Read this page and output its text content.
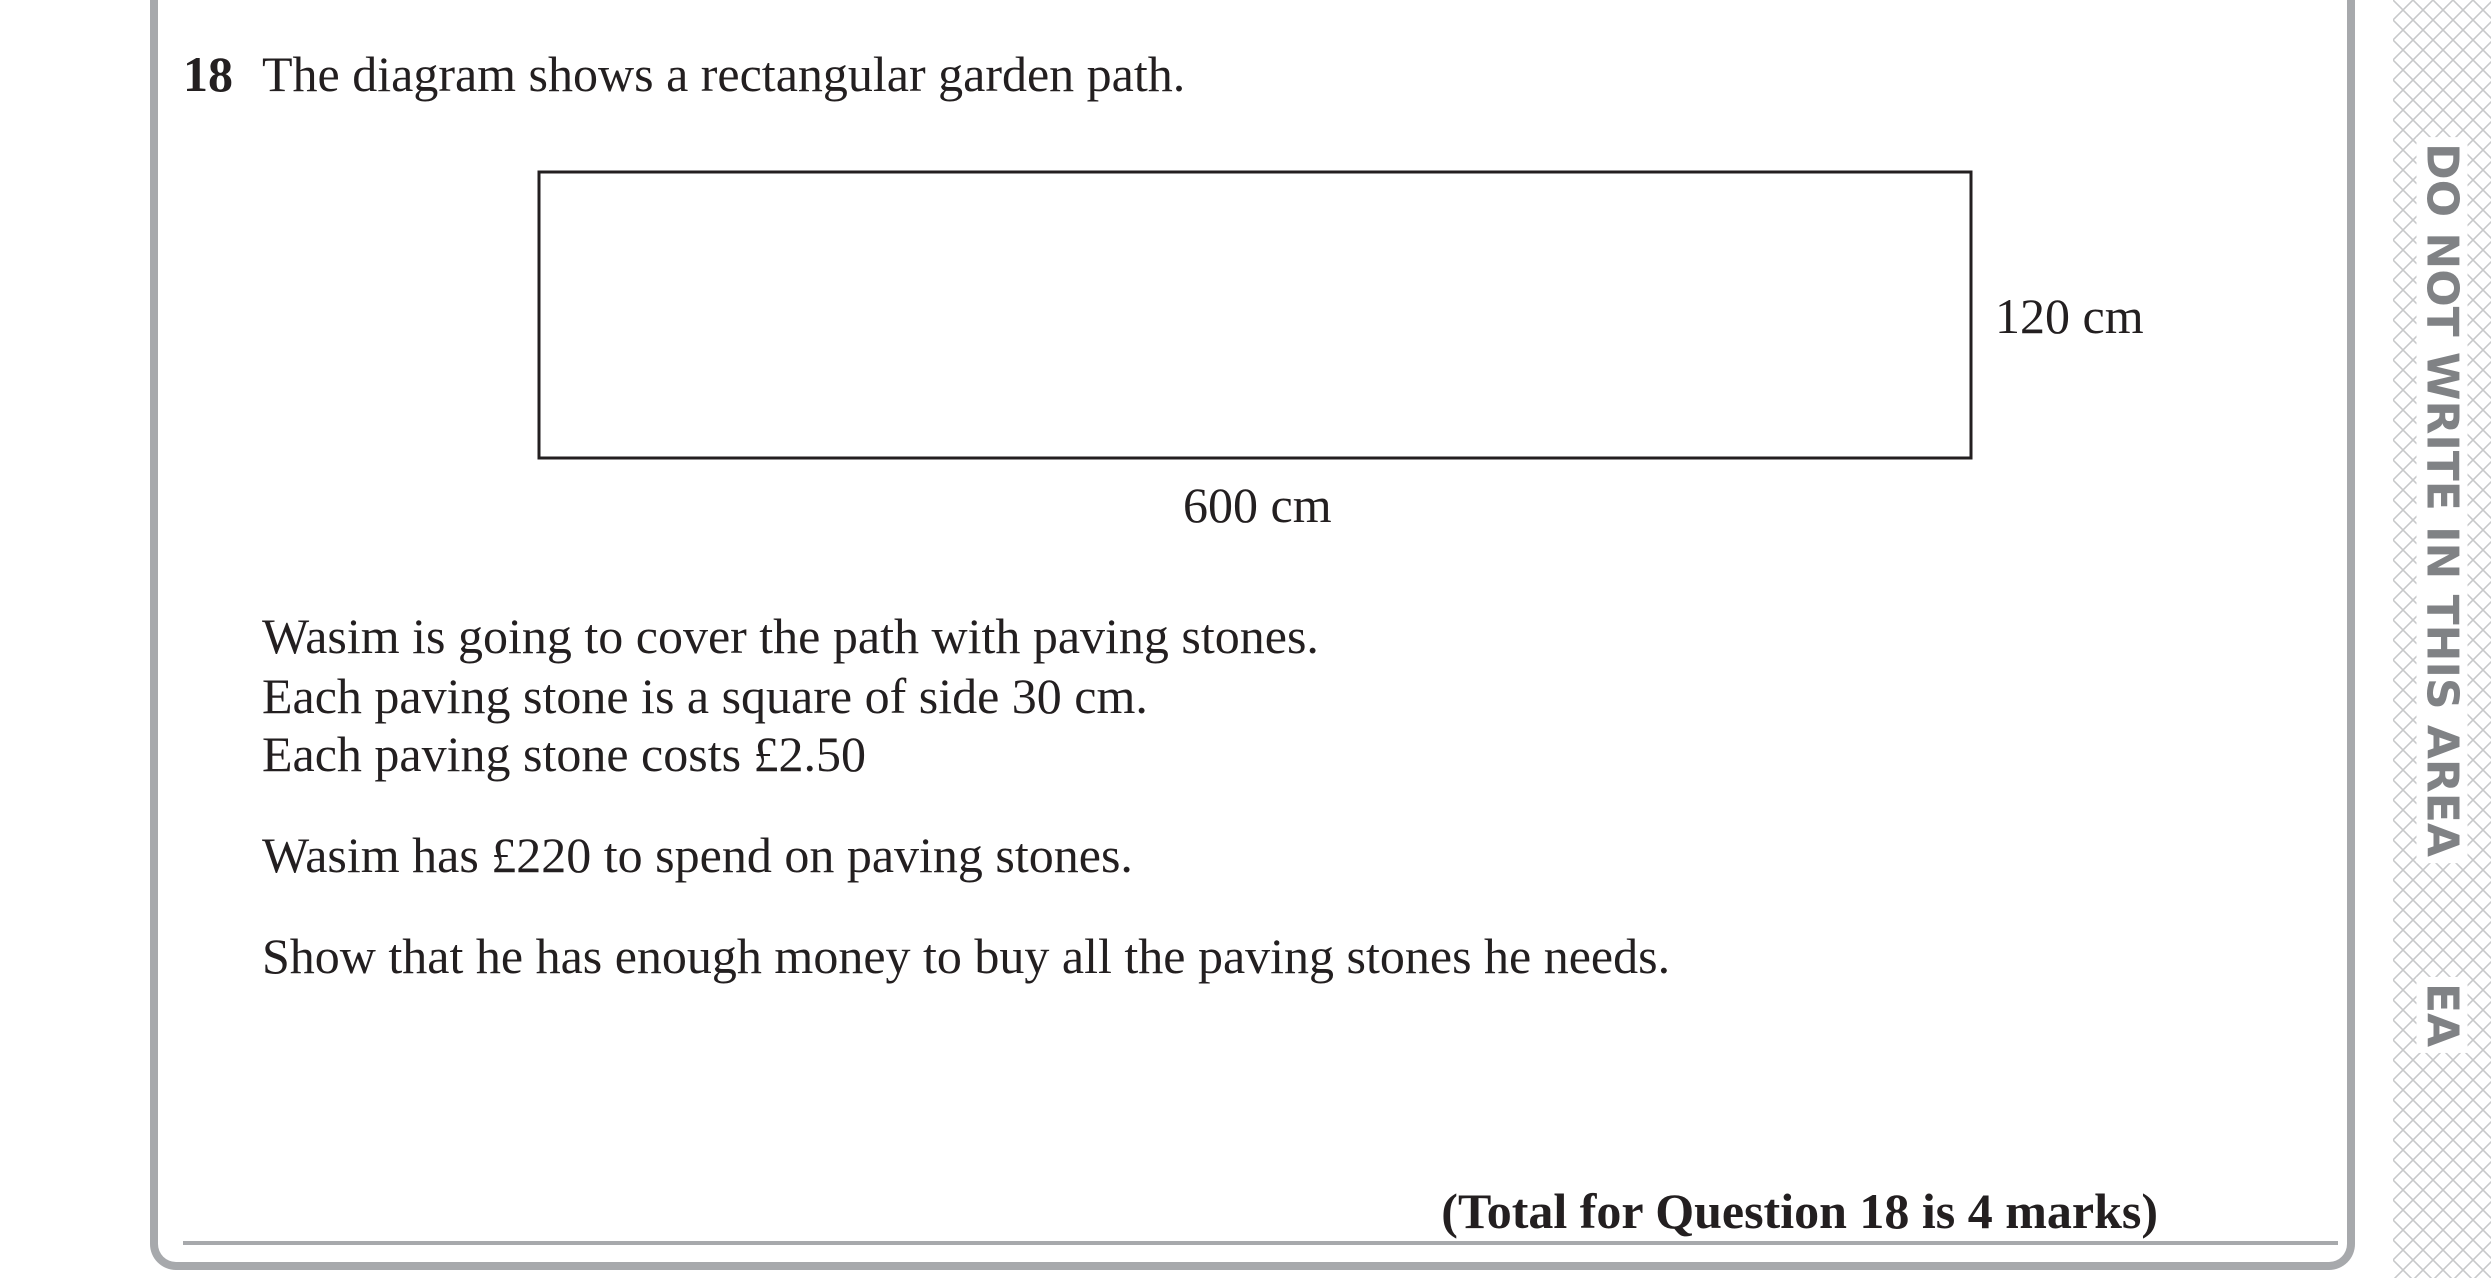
18 The diagram shows a rectangular garden path.
120 cm
600 cm
Wasim is going to cover the path with paving stones.
Each paving stone is a square of side 30 cm.
Each paving stone costs £2.50
Wasim has £220 to spend on paving stones.
Show that he has enough money to buy all the paving stones he needs.
(Total for Question 18 is 4 marks)
DO NOT WRITE IN THIS AREA
EA
